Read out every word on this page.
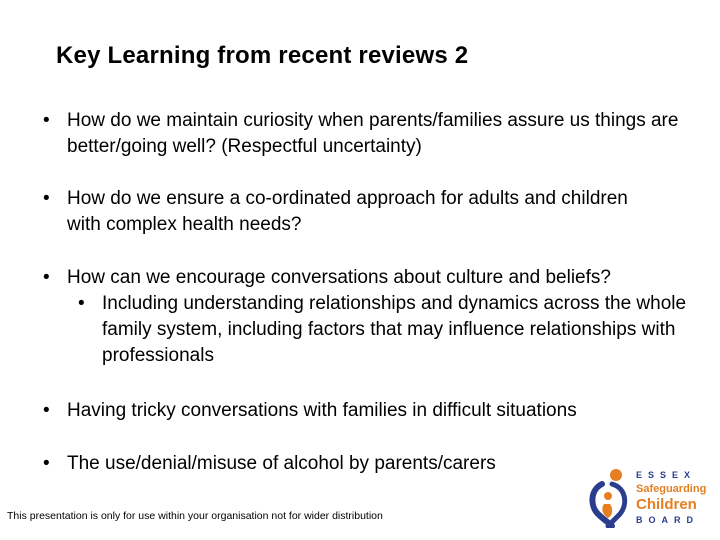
Key Learning from recent reviews 2
• How do we maintain curiosity when parents/families assure us things are better/going well? (Respectful uncertainty)
• How do we ensure a co-ordinated approach for adults and children with complex health needs?
• How can we encourage conversations about culture and beliefs?
• Including understanding relationships and dynamics across the whole family system, including factors that may influence relationships with professionals
• Having tricky conversations with families in difficult situations
• The use/denial/misuse of alcohol by parents/carers
This presentation is only for use within your organisation not for wider distribution
ESSEX
Safeguarding
Children
BOARD
